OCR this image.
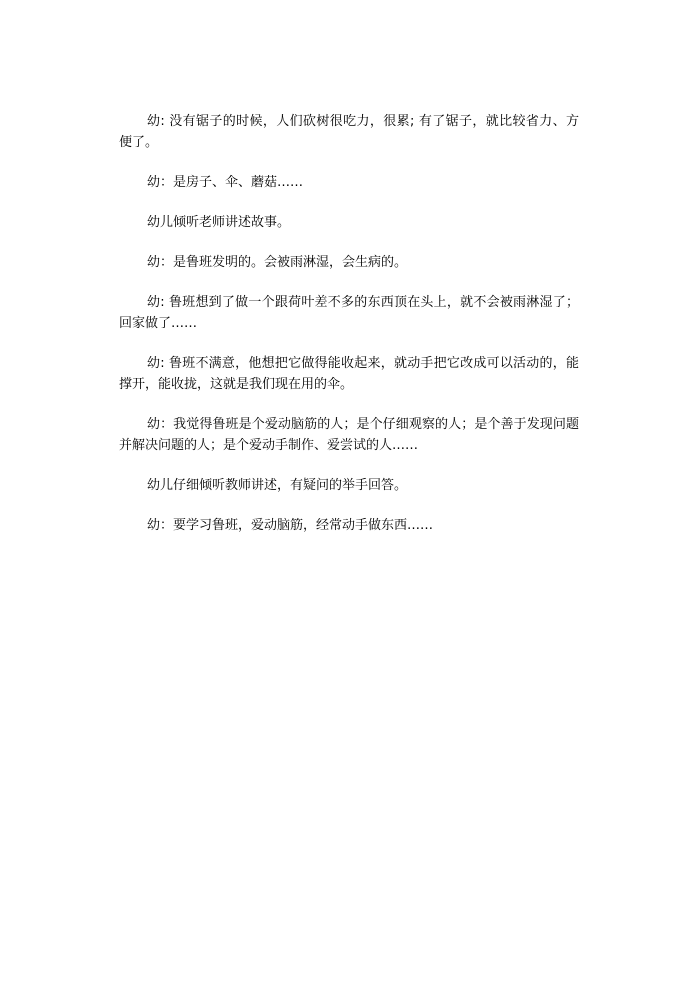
幼: 没有锯子的时候，人们砍树很吃力，很累; 有了锯子，就比较省力、方便了。

幼：是房子、伞、蘑菇……

幼儿倾听老师讲述故事。

幼：是鲁班发明的。会被雨淋湿，会生病的。

幼: 鲁班想到了做一个跟荷叶差不多的东西顶在头上，就不会被雨淋湿了；回家做了……

幼: 鲁班不满意，他想把它做得能收起来，就动手把它改成可以活动的，能撑开，能收拢，这就是我们现在用的伞。

幼：我觉得鲁班是个爱动脑筋的人；是个仔细观察的人；是个善于发现问题并解决问题的人；是个爱动手制作、爱尝试的人……

幼儿仔细倾听教师讲述，有疑问的举手回答。

幼：要学习鲁班，爱动脑筋，经常动手做东西……
